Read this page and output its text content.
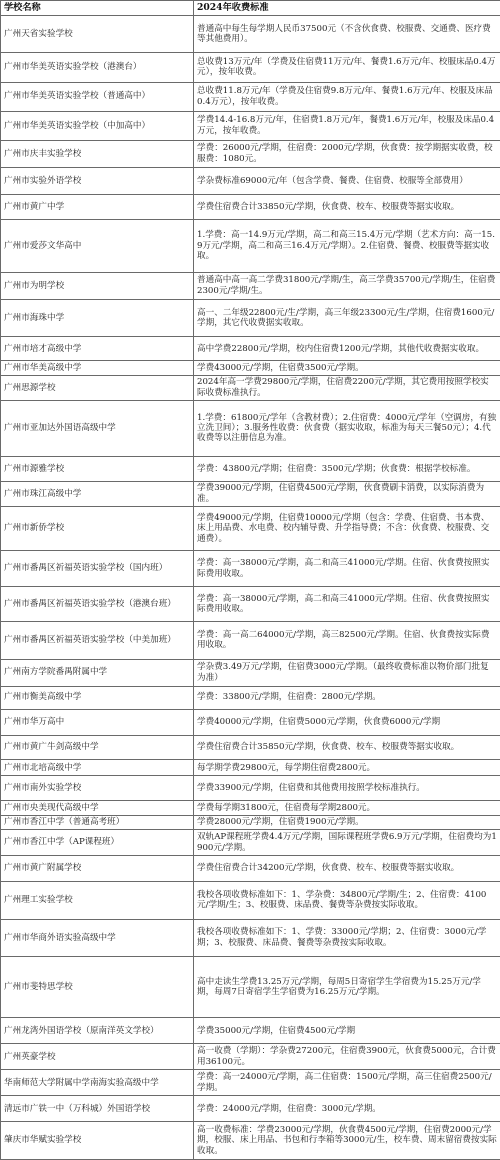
学校名称	2024年收费标准
广州天省实验学校	普通高中每生每学期人民币37500元（不含伙食费、校服费、交通费、医疗费等其他费用）。
广州市华美英语实验学校（港澳台）	总收费13万元/年（学费及住宿费11万元/年、餐费1.6万元/年、校服床品0.4万元），按年收费。
广州市华美英语实验学校（普通高中）	总收费11.8万元/年（学费及住宿费9.8万元/年、餐费1.6万元/年、校服及床品0.4万元），按年收费。
广州市华美英语实验学校（中加高中）	学费14.4-16.8万元/年，住宿费1.8万元/年，餐费1.6万元/年，校服及床品0.4万元，按年收费。
广州市庆丰实验学校	学费：26000元/学期，住宿费：2000元/学期，伙食费：按学期据实收费，校服费：1080元。
广州市实验外语学校	学杂费标准69000元/年（包含学费、餐费、住宿费、校服等全部费用）
广州市黄广中学	学费住宿费合计33850元/学期，伙食费、校车、校服费等据实收取。
广州市爱莎文华高中	1.学费：高一14.9万元/学期，高二和高三15.4万元/学期（艺术方向：高一15.9万元/学期，高二和高三16.4万元/学期）。2.住宿费、餐费、校服费等据实收取。
广州市为明学校	普通高中高一高二学费31800元/学期/生，高三学费35700元/学期/生，住宿费2300元/学期/生。
广州市海珠中学	高一、二年级22800元/生/学期，高三年级23300元/生/学期，住宿费1600元/学期，其它代收费据实收取。
广州市培才高级中学	高中学费22800元/学期，校内住宿费1200元/学期，其他代收费据实收取。
广州市华美高级中学	学费43000元/学期，住宿费3500元/学期。
广州思源学校	2024年高一学费29800元/学期，住宿费2200元/学期，其它费用按照学校实际收费标准执行。
广州市亚加达外国语高级中学	1.学费：61800元/学年（含教材费）；2.住宿费：4000元/学年（空调房，有独立洗卫间）；3.服务性收费：伙食费（据实收取，标准为每天三餐50元）；4.代收费等以注册信息为准。
广州市源雅学校	学费：43800元/学期；住宿费：3500元/学期；伙食费：根据学校标准。
广州市珠江高级中学	学费39000元/学期，住宿费4500元/学期，伙食费刷卡消费，以实际消费为准。
广州市新侨学校	学费49000元/学期，住宿费10000元/学期（包含：学费、住宿费、书本费、床上用品费、水电费、校内辅导费、升学指导费；不含：伙食费、校服费、交通费）。
广州市番禺区祈福英语实验学校（国内班）	学费：高一38000元/学期，高二和高三41000元/学期。住宿、伙食费按照实际费用收取。
广州市番禺区祈福英语实验学校（港澳台班）	学费：高一38000元/学期，高二和高三41000元/学期。住宿、伙食费按照实际费用收取。
广州市番禺区祈福英语实验学校（中美加班）	学费：高一高二64000元/学期，高三82500元/学期。住宿、伙食费按实际费用收取。
广州南方学院番禺附属中学	学杂费3.49万元/学期，住宿费3000元/学期。（最终收费标准以物价部门批复为准）
广州市衡美高级中学	学费：33800元/学期，住宿费：2800元/学期。
广州市华万高中	学费40000元/学期，住宿费5000元/学期，伙食费6000元/学期
广州市黄广牛剑高级中学	学费住宿费合计35850元/学期，伙食费、校车、校服费等据实收取。
广州市北培高级中学	每学期学费29800元，每学期住宿费2800元。
广州市南外实验学校	学费33900元/学期，住宿费和其他费用按照学校标准执行。
广州市央美现代高级中学	学费每学期31800元，住宿费每学期2800元。
广州市香江中学（普通高考班）	学费28000元/学期，住宿费1900元/学期。
广州市香江中学（AP课程班）	双轨AP课程班学费4.4万元/学期，国际课程班学费6.9万元/学期，住宿费均为1900元/学期。
广州市黄广附属学校	学费住宿费合计34200元/学期，伙食费、校车、校服费等据实收取。
广州理工实验学校	我校各项收费标准如下：1、学杂费：34800元/学期/生；2、住宿费：4100元/学期/生；3、校服费、床品费、餐费等杂费按实际收取。
广州市华商外语实验高级中学	我校各项收费标准如下：1、学费：33000元/学期；2、住宿费：3000元/学期；3、校服费、床品费、餐费等杂费按实际收取。
广州市斐特思学校	高中走读生学费13.25万元/学期，每周5日寄宿学生学宿费为15.25万元/学期，每周7日寄宿学生学宿费为16.25万元/学期。
广州龙湾外国语学校（原南洋英文学校）	学费35000元/学期，住宿费4500元/学期
广州英豪学校	高一收费（学期）：学杂费27200元，住宿费3900元，伙食费5000元，合计费用36100元。
华南师范大学附属中学南海实验高级中学	学费：高一24000元/学期，高二住宿费：1500元/学期，高三住宿费2500元/学期。
清远市广铁一中（万科城）外国语学校	学费：24000元/学期，住宿费：3000元/学期。
肇庆市华赋实验学校	高一收费标准：学费23000元/学期，伙食费4500元/学期，住宿费2000元/学期，校服、床上用品、书包和行李箱等3000元/生，校车费、周末留宿费按实际收取。
